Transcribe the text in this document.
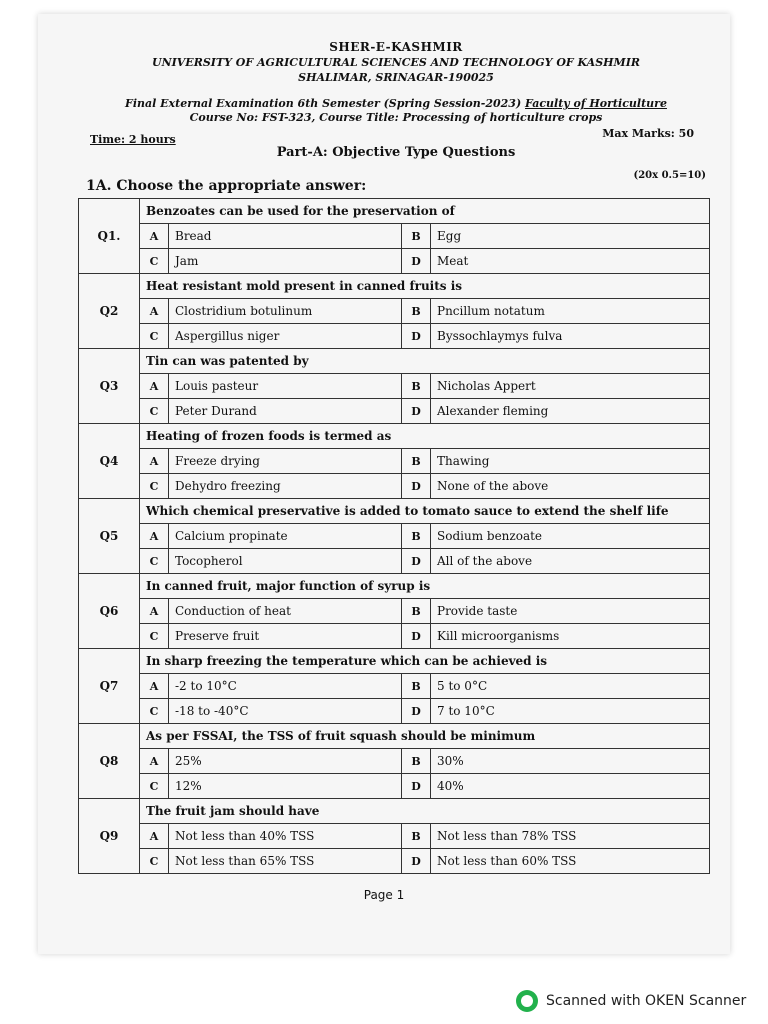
SHER-E-KASHMIR
UNIVERSITY OF AGRICULTURAL SCIENCES AND TECHNOLOGY OF KASHMIR
SHALIMAR, SRINAGAR-190025
Final External Examination 6th Semester (Spring Session-2023) Faculty of Horticulture
Course No: FST-323, Course Title: Processing of horticulture crops
Time: 2 hours	Max Marks: 50
Part-A: Objective Type Questions
1A. Choose the appropriate answer:
(20x 0.5=10)
Q1.	Benzoates can be used for the preservation of			
	A	Bread	B	Egg
	C	Jam	D	Meat
Q2	Heat resistant mold present in canned fruits is			
	A	Clostridium botulinum	B	Pncillum notatum
	C	Aspergillus niger	D	Byssochlaymys fulva
Q3	Tin can was patented by			
	A	Louis pasteur	B	Nicholas Appert
	C	Peter Durand	D	Alexander fleming
Q4	Heating of frozen foods is termed as			
	A	Freeze drying	B	Thawing
	C	Dehydro freezing	D	None of the above
Q5	Which chemical preservative is added to tomato sauce to extend the shelf life			
	A	Calcium propinate	B	Sodium benzoate
	C	Tocopherol	D	All of the above
Q6	In canned fruit, major function of syrup is			
	A	Conduction of heat	B	Provide taste
	C	Preserve fruit	D	Kill microorganisms
Q7	In sharp freezing the temperature which can be achieved is			
	A	-2 to 10°C	B	5 to 0°C
	C	-18 to -40°C	D	7 to 10°C
Q8	As per FSSAI, the TSS of fruit squash should be minimum			
	A	25%	B	30%
	C	12%	D	40%
Q9	The fruit jam should have			
	A	Not less than 40% TSS	B	Not less than 78% TSS
	C	Not less than 65% TSS	D	Not less than 60% TSS
Page 1
Scanned with OKEN Scanner
